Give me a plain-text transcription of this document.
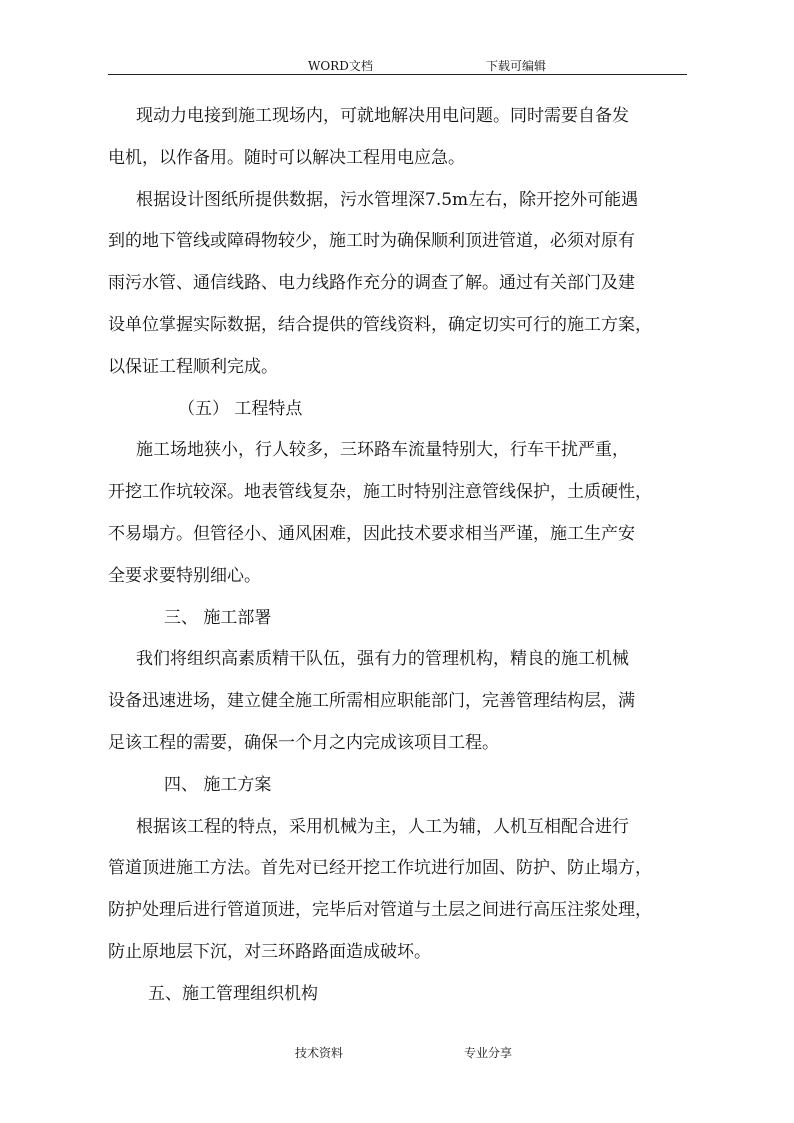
WORD文档	下载可编辑

现动力电接到施工现场内，可就地解决用电问题。同时需要自备发

电机，以作备用。随时可以解决工程用电应急。

根据设计图纸所提供数据，污水管埋深7.5m左右，除开挖外可能遇

到的地下管线或障碍物较少，施工时为确保顺利顶进管道，必须对原有

雨污水管、通信线路、电力线路作充分的调查了解。通过有关部门及建

设单位掌握实际数据，结合提供的管线资料，确定切实可行的施工方案，

以保证工程顺利完成。

（五） 工程特点

施工场地狭小，行人较多，三环路车流量特别大，行车干扰严重，

开挖工作坑较深。地表管线复杂，施工时特别注意管线保护，土质硬性，

不易塌方。但管径小、通风困难，因此技术要求相当严谨，施工生产安

全要求要特别细心。

三、 施工部署

我们将组织高素质精干队伍，强有力的管理机构，精良的施工机械

设备迅速进场，建立健全施工所需相应职能部门，完善管理结构层，满

足该工程的需要，确保一个月之内完成该项目工程。

四、 施工方案

根据该工程的特点，采用机械为主，人工为辅，人机互相配合进行

管道顶进施工方法。首先对已经开挖工作坑进行加固、防护、防止塌方，

防护处理后进行管道顶进，完毕后对管道与土层之间进行高压注浆处理，

防止原地层下沉，对三环路路面造成破坏。

五、施工管理组织机构

技术资料	专业分享
